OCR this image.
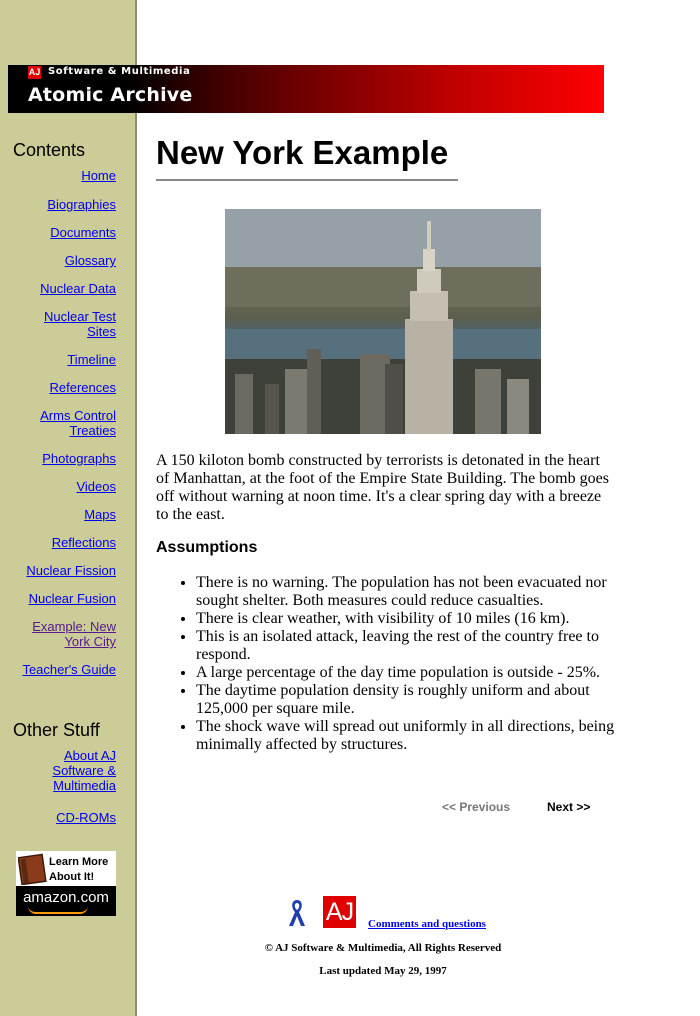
AJ Software & Multimedia
Atomic Archive
Contents
Home
Biographies
Documents
Glossary
Nuclear Data
Nuclear Test
Sites
Timeline
References
Arms Control
Treaties
Photographs
Videos
Maps
Reflections
Nuclear Fission
Nuclear Fusion
Example: New
York City
Teacher's Guide
Other Stuff
About AJ
Software &
Multimedia
CD-ROMs
Learn More
About It!
amazon.com
New York Example

A 150 kiloton bomb constructed by terrorists is detonated in the heart of Manhattan, at the foot of the Empire State Building. The bomb goes off without warning at noon time. It's a clear spring day with a breeze to the east.

Assumptions
• There is no warning. The population has not been evacuated nor sought shelter. Both measures could reduce casualties.
• There is clear weather, with visibility of 10 miles (16 km).
• This is an isolated attack, leaving the rest of the country free to respond.
• A large percentage of the day time population is outside - 25%.
• The daytime population density is roughly uniform and about 125,000 per square mile.
• The shock wave will spread out uniformly in all directions, being minimally affected by structures.
<< Previous	Next >>
AJ Comments and questions
© AJ Software & Multimedia, All Rights Reserved
Last updated May 29, 1997
